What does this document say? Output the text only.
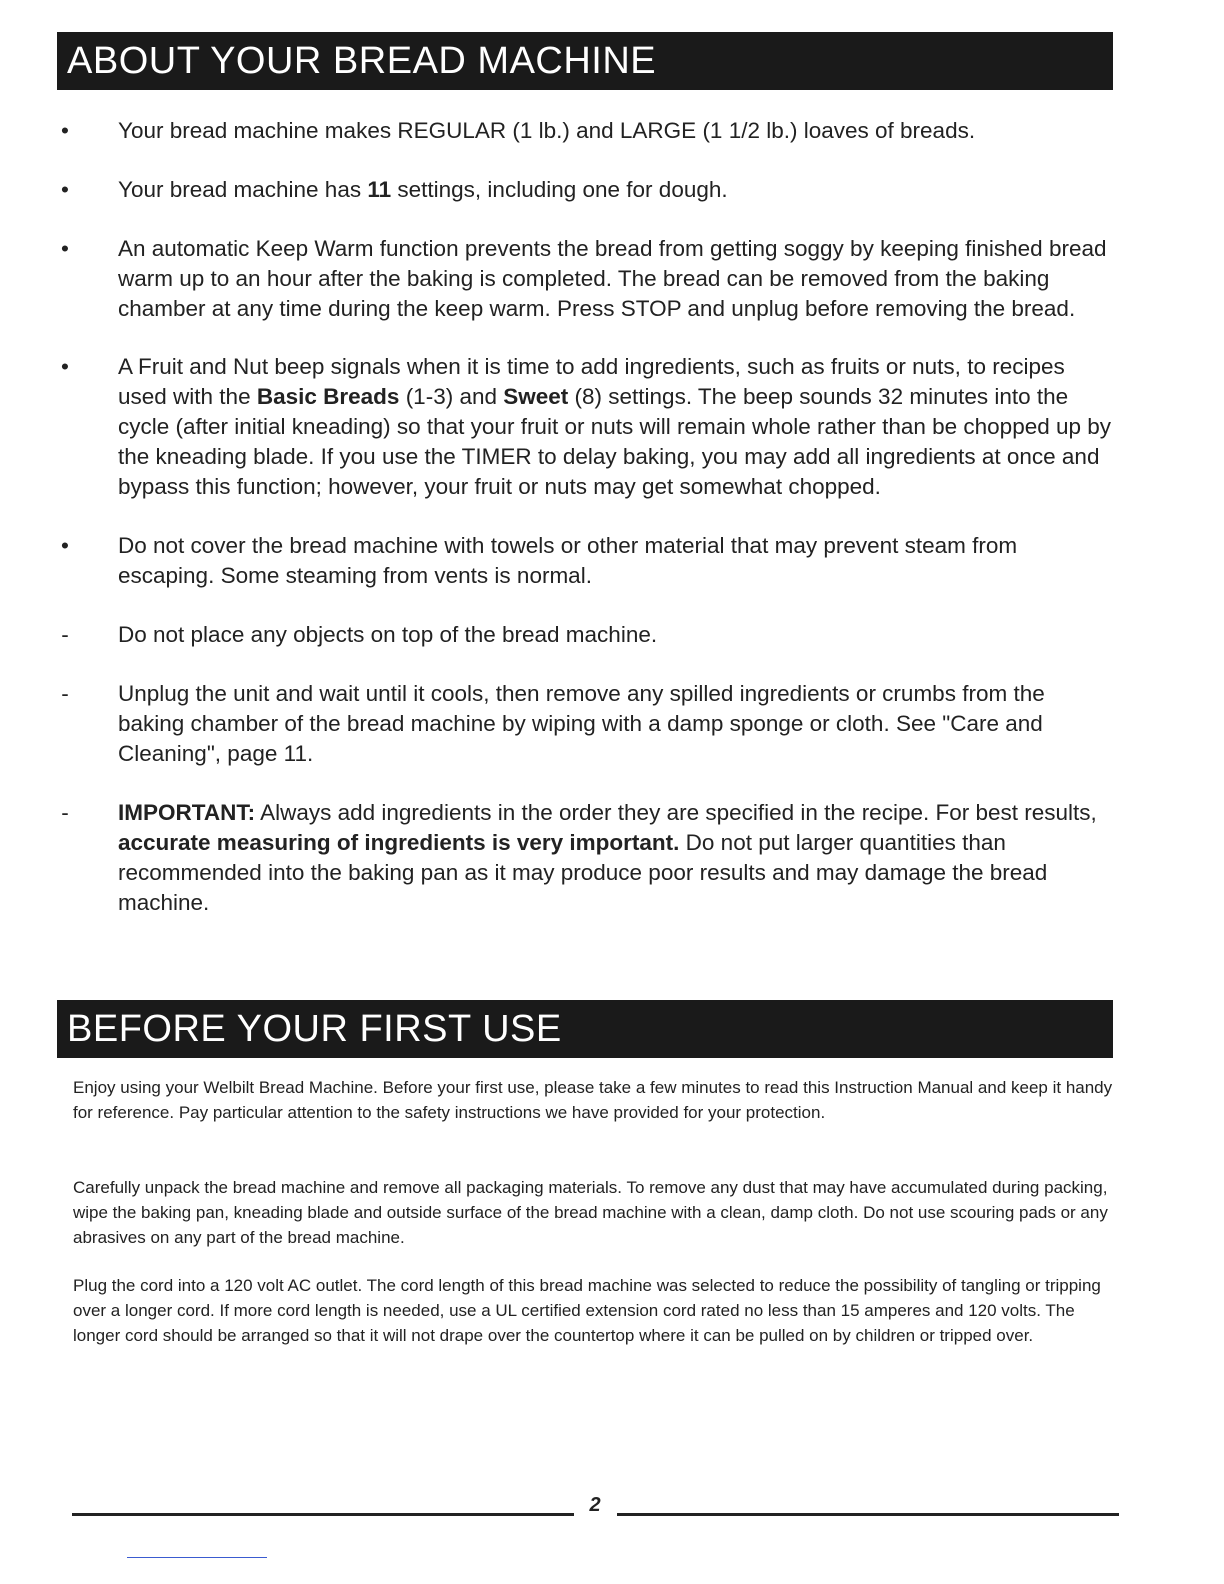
ABOUT YOUR BREAD MACHINE
• Your bread machine makes REGULAR (1 lb.) and LARGE (1 1/2 lb.) loaves of breads.
• Your bread machine has 11 settings, including one for dough.
• An automatic Keep Warm function prevents the bread from getting soggy by keeping finished bread warm up to an hour after the baking is completed. The bread can be removed from the baking chamber at any time during the keep warm. Press STOP and unplug before removing the bread.
• A Fruit and Nut beep signals when it is time to add ingredients, such as fruits or nuts, to recipes used with the Basic Breads (1-3) and Sweet (8) settings. The beep sounds 32 minutes into the cycle (after initial kneading) so that your fruit or nuts will remain whole rather than be chopped up by the kneading blade. If you use the TIMER to delay baking, you may add all ingredients at once and bypass this function; however, your fruit or nuts may get somewhat chopped.
• Do not cover the bread machine with towels or other material that may prevent steam from escaping. Some steaming from vents is normal.
- Do not place any objects on top of the bread machine.
- Unplug the unit and wait until it cools, then remove any spilled ingredients or crumbs from the baking chamber of the bread machine by wiping with a damp sponge or cloth. See "Care and Cleaning", page 11.
- IMPORTANT: Always add ingredients in the order they are specified in the recipe. For best results, accurate measuring of ingredients is very important. Do not put larger quantities than recommended into the baking pan as it may produce poor results and may damage the bread machine.
BEFORE YOUR FIRST USE

Enjoy using your Welbilt Bread Machine. Before your first use, please take a few minutes to read this Instruction Manual and keep it handy for reference. Pay particular attention to the safety instructions we have provided for your protection.

Carefully unpack the bread machine and remove all packaging materials. To remove any dust that may have accumulated during packing, wipe the baking pan, kneading blade and outside surface of the bread machine with a clean, damp cloth. Do not use scouring pads or any abrasives on any part of the bread machine.

Plug the cord into a 120 volt AC outlet. The cord length of this bread machine was selected to reduce the possibility of tangling or tripping over a longer cord. If more cord length is needed, use a UL certified extension cord rated no less than 15 amperes and 120 volts. The longer cord should be arranged so that it will not drape over the countertop where it can be pulled on by children or tripped over.

2
